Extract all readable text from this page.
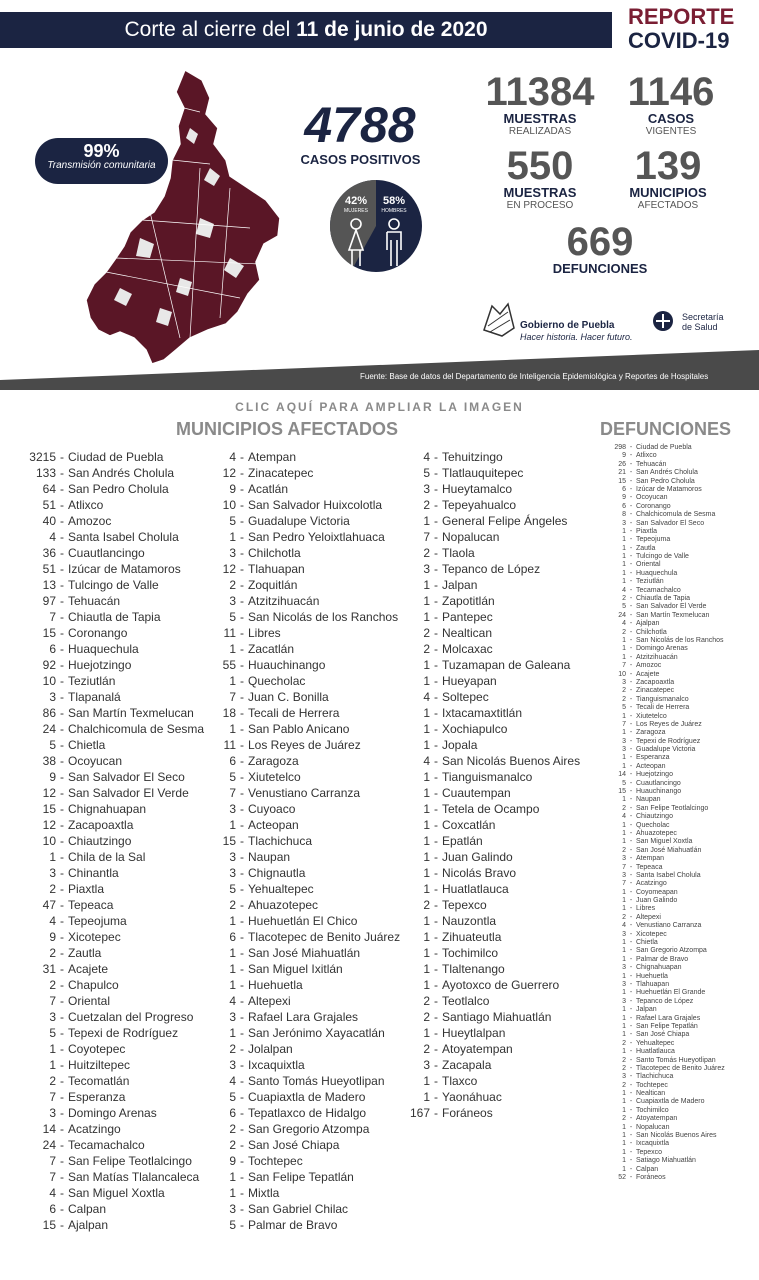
Corte al cierre del 11 de junio de 2020
REPORTE
COVID-19
99%
Transmisión comunitaria
4788
CASOS POSITIVOS
42%
MUJERES
58%
HOMBRES
11384
MUESTRAS
REALIZADAS
1146
CASOS
VIGENTES
550
MUESTRAS
EN PROCESO
139
MUNICIPIOS
AFECTADOS
669
DEFUNCIONES
Gobierno de Puebla
Hacer historia. Hacer futuro.
Secretaría
de Salud
Fuente: Base de datos del Departamento de Inteligencia Epidemiológica y Reportes de Hospitales
CLIC AQUÍ PARA AMPLIAR LA IMAGEN
MUNICIPIOS AFECTADOS	DEFUNCIONES
3215 - Ciudad de Puebla
133 - San Andrés Cholula
64 - San Pedro Cholula
51 - Atlixco
40 - Amozoc
4 - Santa Isabel Cholula
36 - Cuautlancingo
51 - Izúcar de Matamoros
13 - Tulcingo de Valle
97 - Tehuacán
7 - Chiautla de Tapia
15 - Coronango
6 - Huaquechula
92 - Huejotzingo
10 - Teziutlán
3 - Tlapanalá
86 - San Martín Texmelucan
24 - Chalchicomula de Sesma
5 - Chietla
38 - Ocoyucan
9 - San Salvador El Seco
12 - San Salvador El Verde
15 - Chignahuapan
12 - Zacapoaxtla
10 - Chiautzingo
1 - Chila de la Sal
3 - Chinantla
2 - Piaxtla
47 - Tepeaca
4 - Tepeojuma
9 - Xicotepec
2 - Zautla
31 - Acajete
2 - Chapulco
7 - Oriental
3 - Cuetzalan del Progreso
5 - Tepexi de Rodríguez
1 - Coyotepec
1 - Huitziltepec
2 - Tecomatlán
7 - Esperanza
3 - Domingo Arenas
14 - Acatzingo
24 - Tecamachalco
7 - San Felipe Teotlalcingo
7 - San Matías Tlalancaleca
4 - San Miguel Xoxtla
6 - Calpan
15 - Ajalpan
4 - Atempan
12 - Zinacatepec
9 - Acatlán
10 - San Salvador Huixcolotla
5 - Guadalupe Victoria
1 - San Pedro Yeloixtlahuaca
3 - Chilchotla
12 - Tlahuapan
2 - Zoquitlán
3 - Atzitzihuacán
5 - San Nicolás de los Ranchos
11 - Libres
1 - Zacatlán
55 - Huauchinango
1 - Quecholac
7 - Juan C. Bonilla
18 - Tecali de Herrera
1 - San Pablo Anicano
11 - Los Reyes de Juárez
6 - Zaragoza
5 - Xiutetelco
7 - Venustiano Carranza
3 - Cuyoaco
1 - Acteopan
15 - Tlachichuca
3 - Naupan
3 - Chignautla
5 - Yehualtepec
2 - Ahuazotepec
1 - Huehuetlán El Chico
6 - Tlacotepec de Benito Juárez
1 - San José Miahuatlán
1 - San Miguel Ixitlán
1 - Huehuetla
4 - Altepexi
3 - Rafael Lara Grajales
1 - San Jerónimo Xayacatlán
2 - Jolalpan
3 - Ixcaquixtla
4 - Santo Tomás Hueyotlipan
5 - Cuapiaxtla de Madero
6 - Tepatlaxco de Hidalgo
2 - San Gregorio Atzompa
2 - San José Chiapa
9 - Tochtepec
1 - San Felipe Tepatlán
1 - Mixtla
3 - San Gabriel Chilac
5 - Palmar de Bravo
4 - Tehuitzingo
5 - Tlatlauquitepec
3 - Hueytamalco
2 - Tepeyahualco
1 - General Felipe Ángeles
7 - Nopalucan
2 - Tlaola
3 - Tepanco de López
1 - Jalpan
1 - Zapotitlán
1 - Pantepec
2 - Nealtican
2 - Molcaxac
1 - Tuzamapan de Galeana
1 - Hueyapan
4 - Soltepec
1 - Ixtacamaxtitlán
1 - Xochiapulco
1 - Jopala
4 - San Nicolás Buenos Aires
1 - Tianguismanalco
1 - Cuautempan
1 - Tetela de Ocampo
1 - Coxcatlán
1 - Epatlán
1 - Juan Galindo
1 - Nicolás Bravo
1 - Huatlatlauca
2 - Tepexco
1 - Nauzontla
1 - Zihuateutla
1 - Tochimilco
1 - Tlaltenango
1 - Ayotoxco de Guerrero
2 - Teotlalco
2 - Santiago Miahuatlán
1 - Hueytlalpan
2 - Atoyatempan
3 - Zacapala
1 - Tlaxco
1 - Yaonáhuac
167 - Foráneos
298 - Ciudad de Puebla
9 - Atlixco
26 - Tehuacán
21 - San Andrés Cholula
15 - San Pedro Cholula
6 - Izúcar de Matamoros
9 - Ocoyucan
6 - Coronango
8 - Chalchicomula de Sesma
3 - San Salvador El Seco
1 - Piaxtla
1 - Tepeojuma
1 - Zautla
1 - Tulcingo de Valle
1 - Oriental
1 - Huaquechula
1 - Teziutlán
4 - Tecamachalco
2 - Chiautla de Tapia
5 - San Salvador El Verde
24 - San Martín Texmelucan
4 - Ajalpan
2 - Chilchotla
1 - San Nicolás de los Ranchos
1 - Domingo Arenas
1 - Atzitzihuacán
7 - Amozoc
10 - Acajete
3 - Zacapoaxtla
2 - Zinacatepec
2 - Tianguismanalco
5 - Tecali de Herrera
1 - Xiutetelco
7 - Los Reyes de Juárez
1 - Zaragoza
3 - Tepexi de Rodríguez
3 - Guadalupe Victoria
1 - Esperanza
1 - Acteopan
14 - Huejotzingo
5 - Cuautlancingo
15 - Huauchinango
1 - Naupan
2 - San Felipe Teotlalcingo
4 - Chiautzingo
1 - Quecholac
1 - Ahuazotepec
1 - San Miguel Xoxtla
2 - San José Miahuatlán
3 - Atempan
7 - Tepeaca
3 - Santa Isabel Cholula
7 - Acatzingo
1 - Coyomeapan
1 - Juan Galindo
1 - Libres
2 - Altepexi
4 - Venustiano Carranza
3 - Xicotepec
1 - Chietla
1 - San Gregorio Atzompa
1 - Palmar de Bravo
3 - Chignahuapan
1 - Huehuetla
3 - Tlahuapan
1 - Huehuetlán El Grande
3 - Tepanco de López
1 - Jalpan
1 - Rafael Lara Grajales
1 - San Felipe Tepatlán
1 - San José Chiapa
2 - Yehualtepec
1 - Huatlatlauca
2 - Santo Tomás Hueyotlipan
2 - Tlacotepec de Benito Juárez
3 - Tlachichuca
2 - Tochtepec
1 - Nealtican
1 - Cuapiaxtla de Madero
1 - Tochimilco
2 - Atoyatempan
1 - Nopalucan
1 - San Nicolás Buenos Aires
1 - Ixcaquixtla
1 - Tepexco
1 - Satiago Miahuatlán
1 - Calpan
52 - Foráneos
